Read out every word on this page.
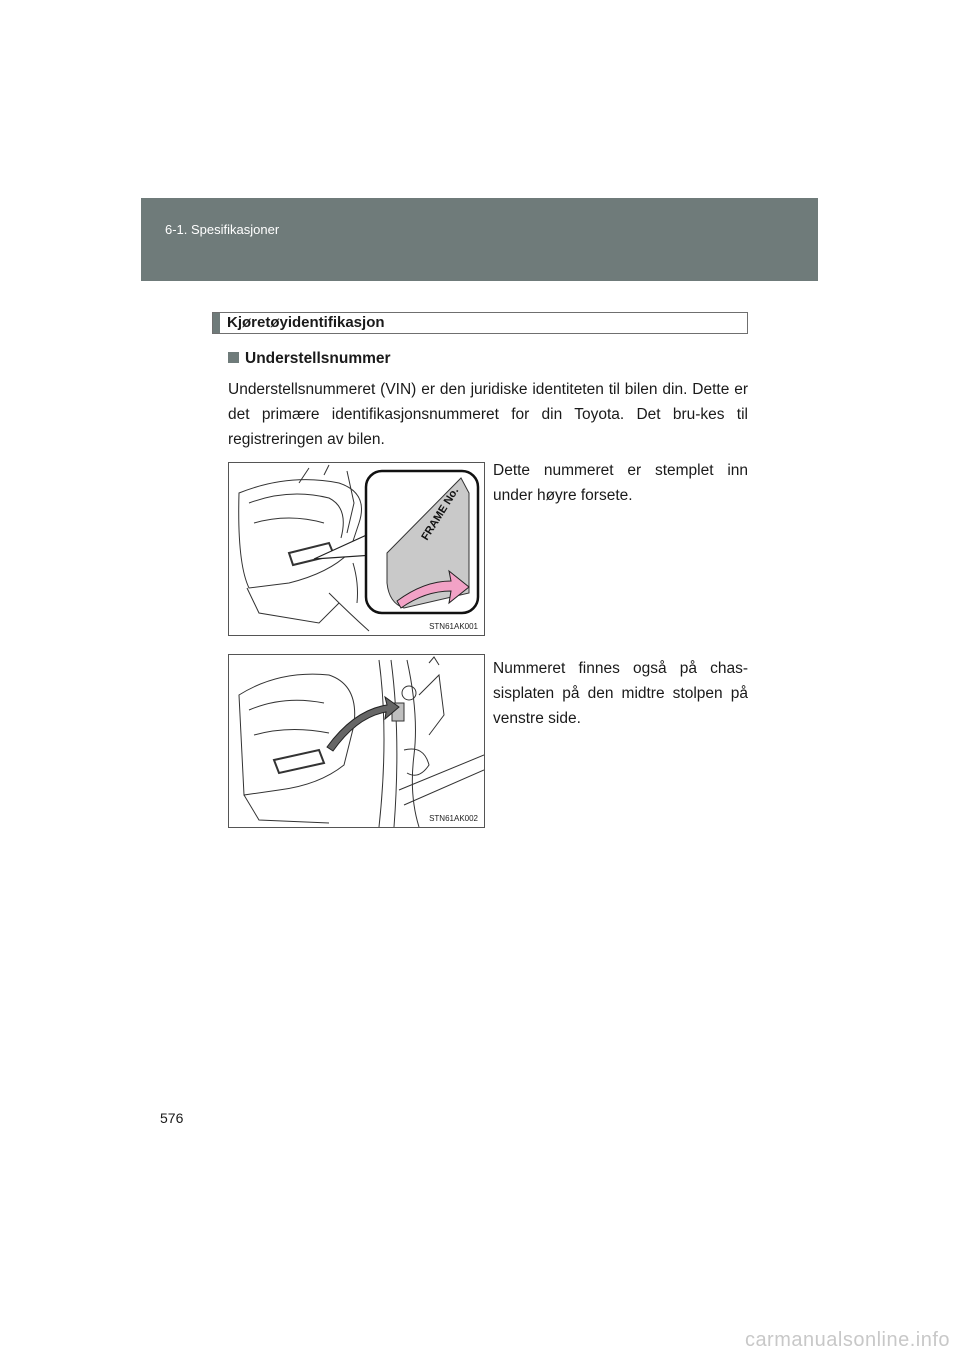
6-1. Spesifikasjoner
Kjøretøyidentifikasjon
Understellsnummer
Understellsnummeret (VIN) er den juridiske identiteten til bilen din. Dette er det primære identifikasjonsnummeret for din Toyota. Det bru-kes til registreringen av bilen.
FRAME No.
STN61AK001
Dette nummeret er stemplet inn under høyre forsete.
STN61AK002
Nummeret finnes også på chas-sisplaten på den midtre stolpen på venstre side.
576
carmanualsonline.info
